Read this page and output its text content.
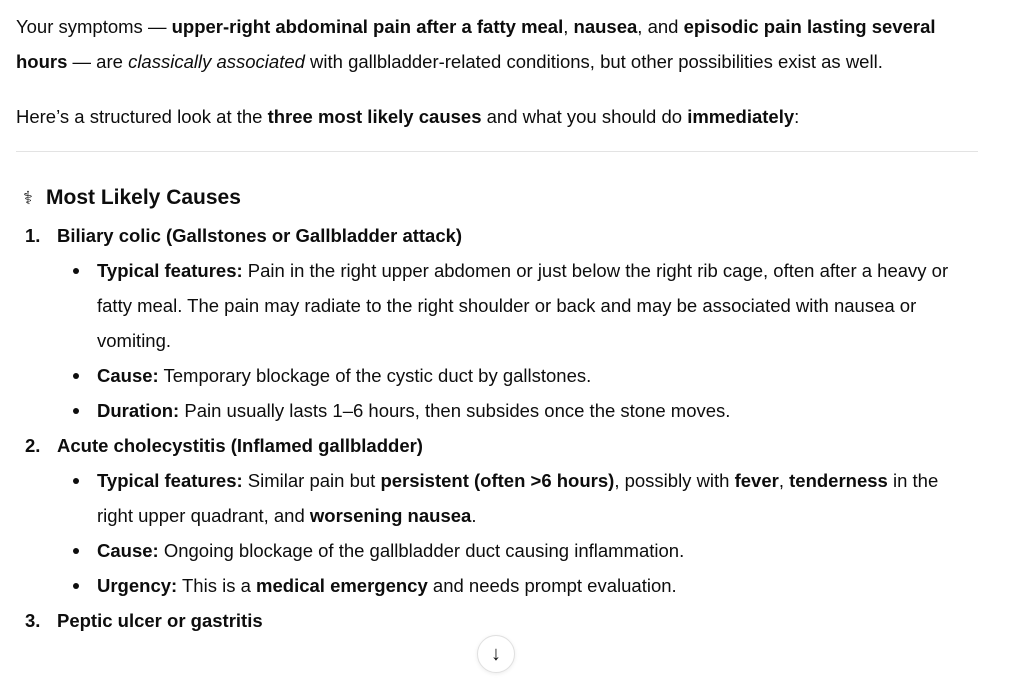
Your symptoms — upper-right abdominal pain after a fatty meal, nausea, and episodic pain lasting several hours — are classically associated with gallbladder-related conditions, but other possibilities exist as well.

Here’s a structured look at the three most likely causes and what you should do immediately:

⚕ Most Likely Causes
1. Biliary colic (Gallstones or Gallbladder attack)
Typical features: Pain in the right upper abdomen or just below the right rib cage, often after a heavy or fatty meal. The pain may radiate to the right shoulder or back and may be associated with nausea or vomiting.
Cause: Temporary blockage of the cystic duct by gallstones.
Duration: Pain usually lasts 1–6 hours, then subsides once the stone moves.
2. Acute cholecystitis (Inflamed gallbladder)
Typical features: Similar pain but persistent (often >6 hours), possibly with fever, tenderness in the right upper quadrant, and worsening nausea.
Cause: Ongoing blockage of the gallbladder duct causing inflammation.
Urgency: This is a medical emergency and needs prompt evaluation.
3. Peptic ulcer or gastritis
↓
